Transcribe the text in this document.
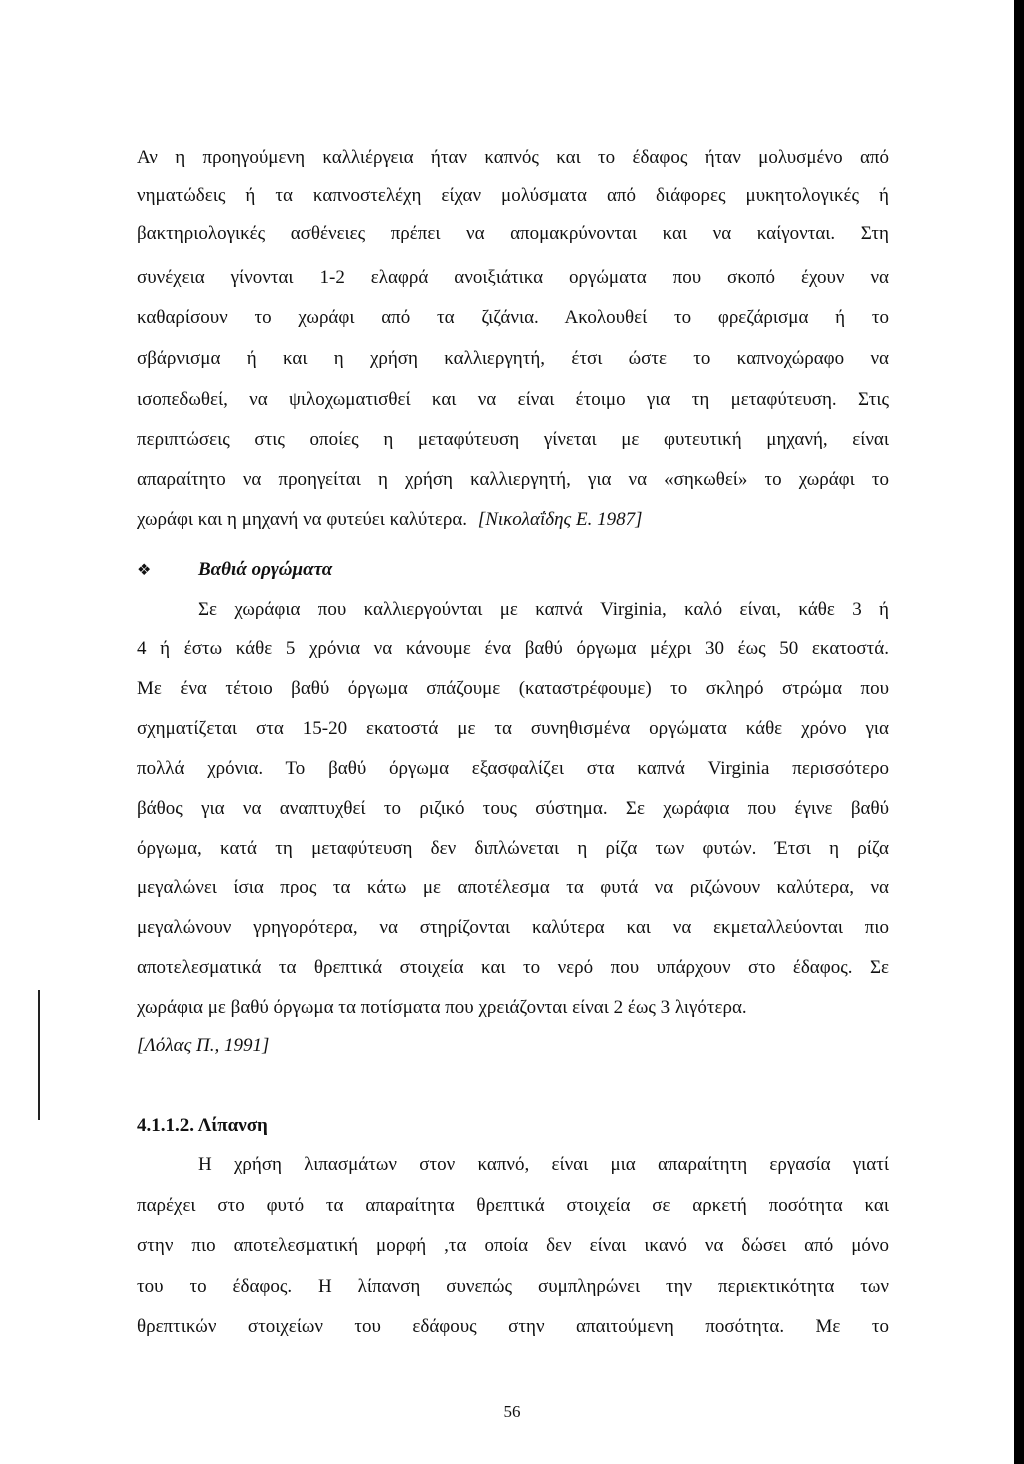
Αν η προηγούμενη καλλιέργεια ήταν καπνός και το έδαφος ήταν μολυσμένο από
νηματώδεις ή τα καπνοστελέχη είχαν μολύσματα από διάφορες μυκητολογικές ή
βακτηριολογικές ασθένειες πρέπει να απομακρύνονται και να καίγονται. Στη
συνέχεια γίνονται 1-2 ελαφρά ανοιξιάτικα οργώματα που σκοπό έχουν να
καθαρίσουν το χωράφι από τα ζιζάνια. Ακολουθεί το φρεζάρισμα ή το
σβάρνισμα ή και η χρήση καλλιεργητή, έτσι ώστε το καπνοχώραφο να
ισοπεδωθεί, να ψιλοχωματισθεί και να είναι έτοιμο για τη μεταφύτευση. Στις
περιπτώσεις στις οποίες η μεταφύτευση γίνεται με φυτευτική μηχανή, είναι
απαραίτητο να προηγείται η χρήση καλλιεργητή, για να «σηκωθεί» το χωράφι το
χωράφι και η μηχανή να φυτεύει καλύτερα. [Νικολαΐδης Ε. 1987]
❖ Βαθιά οργώματα
Σε χωράφια που καλλιεργούνται με καπνά Virginia, καλό είναι, κάθε 3 ή
4 ή έστω κάθε 5 χρόνια να κάνουμε ένα βαθύ όργωμα μέχρι 30 έως 50 εκατοστά.
Με ένα τέτοιο βαθύ όργωμα σπάζουμε (καταστρέφουμε) το σκληρό στρώμα που
σχηματίζεται στα 15-20 εκατοστά με τα συνηθισμένα οργώματα κάθε χρόνο για
πολλά χρόνια. Το βαθύ όργωμα εξασφαλίζει στα καπνά Virginia περισσότερο
βάθος για να αναπτυχθεί το ριζικό τους σύστημα. Σε χωράφια που έγινε βαθύ
όργωμα, κατά τη μεταφύτευση δεν διπλώνεται η ρίζα των φυτών. Έτσι η ρίζα
μεγαλώνει ίσια προς τα κάτω με αποτέλεσμα τα φυτά να ριζώνουν καλύτερα, να
μεγαλώνουν γρηγορότερα, να στηρίζονται καλύτερα και να εκμεταλλεύονται πιο
αποτελεσματικά τα θρεπτικά στοιχεία και το νερό που υπάρχουν στο έδαφος. Σε
χωράφια με βαθύ όργωμα τα ποτίσματα που χρειάζονται είναι 2 έως 3 λιγότερα.
[Λόλας Π., 1991]
4.1.1.2. Λίπανση
Η χρήση λιπασμάτων στον καπνό, είναι μια απαραίτητη εργασία γιατί
παρέχει στο φυτό τα απαραίτητα θρεπτικά στοιχεία σε αρκετή ποσότητα και
στην πιο αποτελεσματική μορφή ,τα οποία δεν είναι ικανό να δώσει από μόνο
του το έδαφος. Η λίπανση συνεπώς συμπληρώνει την περιεκτικότητα των
θρεπτικών στοιχείων του εδάφους στην απαιτούμενη ποσότητα. Με το
56
